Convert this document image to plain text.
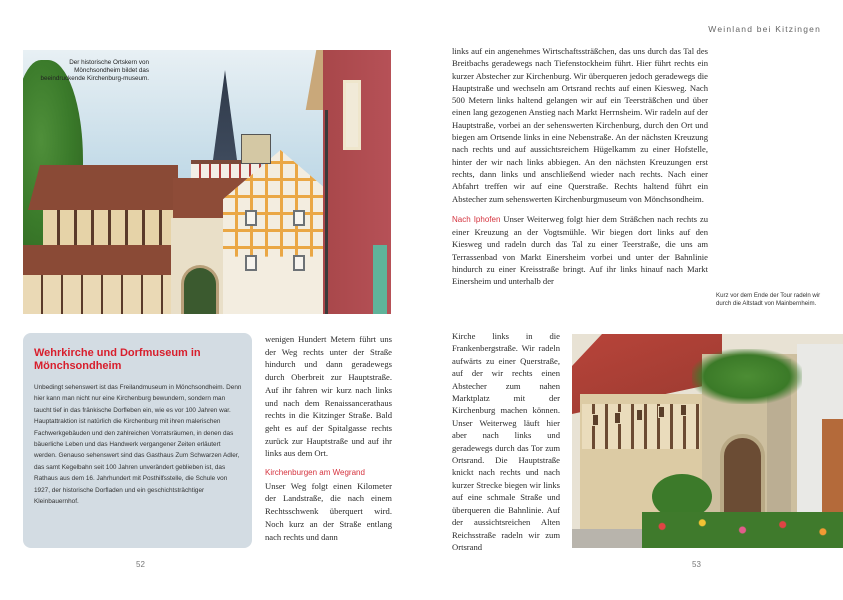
Der historische Ortskern von Mönchsondheim bildet das beeindruckende Kirchenburg-museum.
Wehrkirche und Dorfmuseum in Mönchsondheim

Unbedingt sehenswert ist das Freilandmuseum in Mönchsondheim. Denn hier kann man nicht nur eine Kirchenburg bewundern, sondern man taucht tief in das fränkische Dorfleben ein, wie es vor 100 Jahren war. Hauptattraktion ist natürlich die Kirchenburg mit ihren malerischen Fachwerkgebäuden und den zahlreichen Vorratsräumen, in denen das bäuerliche Leben und das Handwerk vergangener Zeiten erläutert werden. Genauso sehenswert sind das Gasthaus Zum Schwarzen Adler, das samt Kegelbahn seit 100 Jahren unverändert geblieben ist, das Rathaus aus dem 16. Jahrhundert mit Posthilfsstelle, die Schule von 1927, der historische Dorfladen und ein geschichtsträchtiger Kleinbauernhof.

wenigen Hundert Metern führt uns der Weg rechts unter der Straße hindurch und dann geradewegs durch Oberbreit zur Hauptstraße. Auf ihr fahren wir kurz nach links und nach dem Renaissancerathaus rechts in die Kitzinger Straße. Bald geht es auf der Spitalgasse rechts zurück zur Hauptstraße und auf ihr links aus dem Ort.

Kirchenburgen am Wegrand
Unser Weg folgt einen Kilometer der Landstraße, die nach einem Rechtsschwenk überquert wird. Noch kurz an der Straße entlang nach rechts und dann

52
Weinland bei Kitzingen

links auf ein angenehmes Wirtschaftssträßchen, das uns durch das Tal des Breitbachs geradewegs nach Tiefenstockheim führt. Hier führt rechts ein kurzer Abstecher zur Kirchenburg. Wir überqueren jedoch geradewegs die Hauptstraße und wechseln am Ortsrand rechts auf einen Kiesweg. Nach 500 Metern links haltend gelangen wir auf ein Teersträßchen und über einen lang gezogenen Anstieg nach Markt Herrnsheim. Wir radeln auf der Hauptstraße, vorbei an der sehenswerten Kirchenburg, durch den Ort und biegen am Ortsende links in eine Nebenstraße. An der nächsten Kreuzung nach rechts und auf aussichtsreichem Hügelkamm zu einer Hofstelle, hinter der wir nach links abbiegen. An den nächsten Kreuzungen erst rechts, dann links und anschließend wieder nach rechts. Nach einer Abfahrt treffen wir auf eine Querstraße. Rechts haltend führt ein Abstecher zum sehenswerten Kirchenburgmuseum von Mönchsondheim.

Nach Iphofen Unser Weiterweg folgt hier dem Sträßchen nach rechts zu einer Kreuzung an der Vogtsmühle. Wir biegen dort links auf den Kiesweg und radeln durch das Tal zu einer Teerstraße, die uns am Terrassenbad von Markt Einersheim vorbei und unter der Bahnlinie hindurch zu einer Kreisstraße bringt. Auf ihr links hinauf nach Markt Einersheim und unterhalb der

Kirche links in die Frankenbergstraße. Wir radeln aufwärts zu einer Querstraße, auf der wir rechts einen Abstecher zum nahen Marktplatz mit der Kirchenburg machen können. Unser Weiterweg läuft hier aber nach links und geradewegs durch das Tor zum Ortsrand. Die Hauptstraße knickt nach rechts und nach kurzer Strecke biegen wir links auf eine schmale Straße und überqueren die Bahnlinie. Auf der aussichtsreichen Alten Reichsstraße radeln wir zum Ortsrand
Kurz vor dem Ende der Tour radeln wir durch die Altstadt von Mainbernheim.
53
